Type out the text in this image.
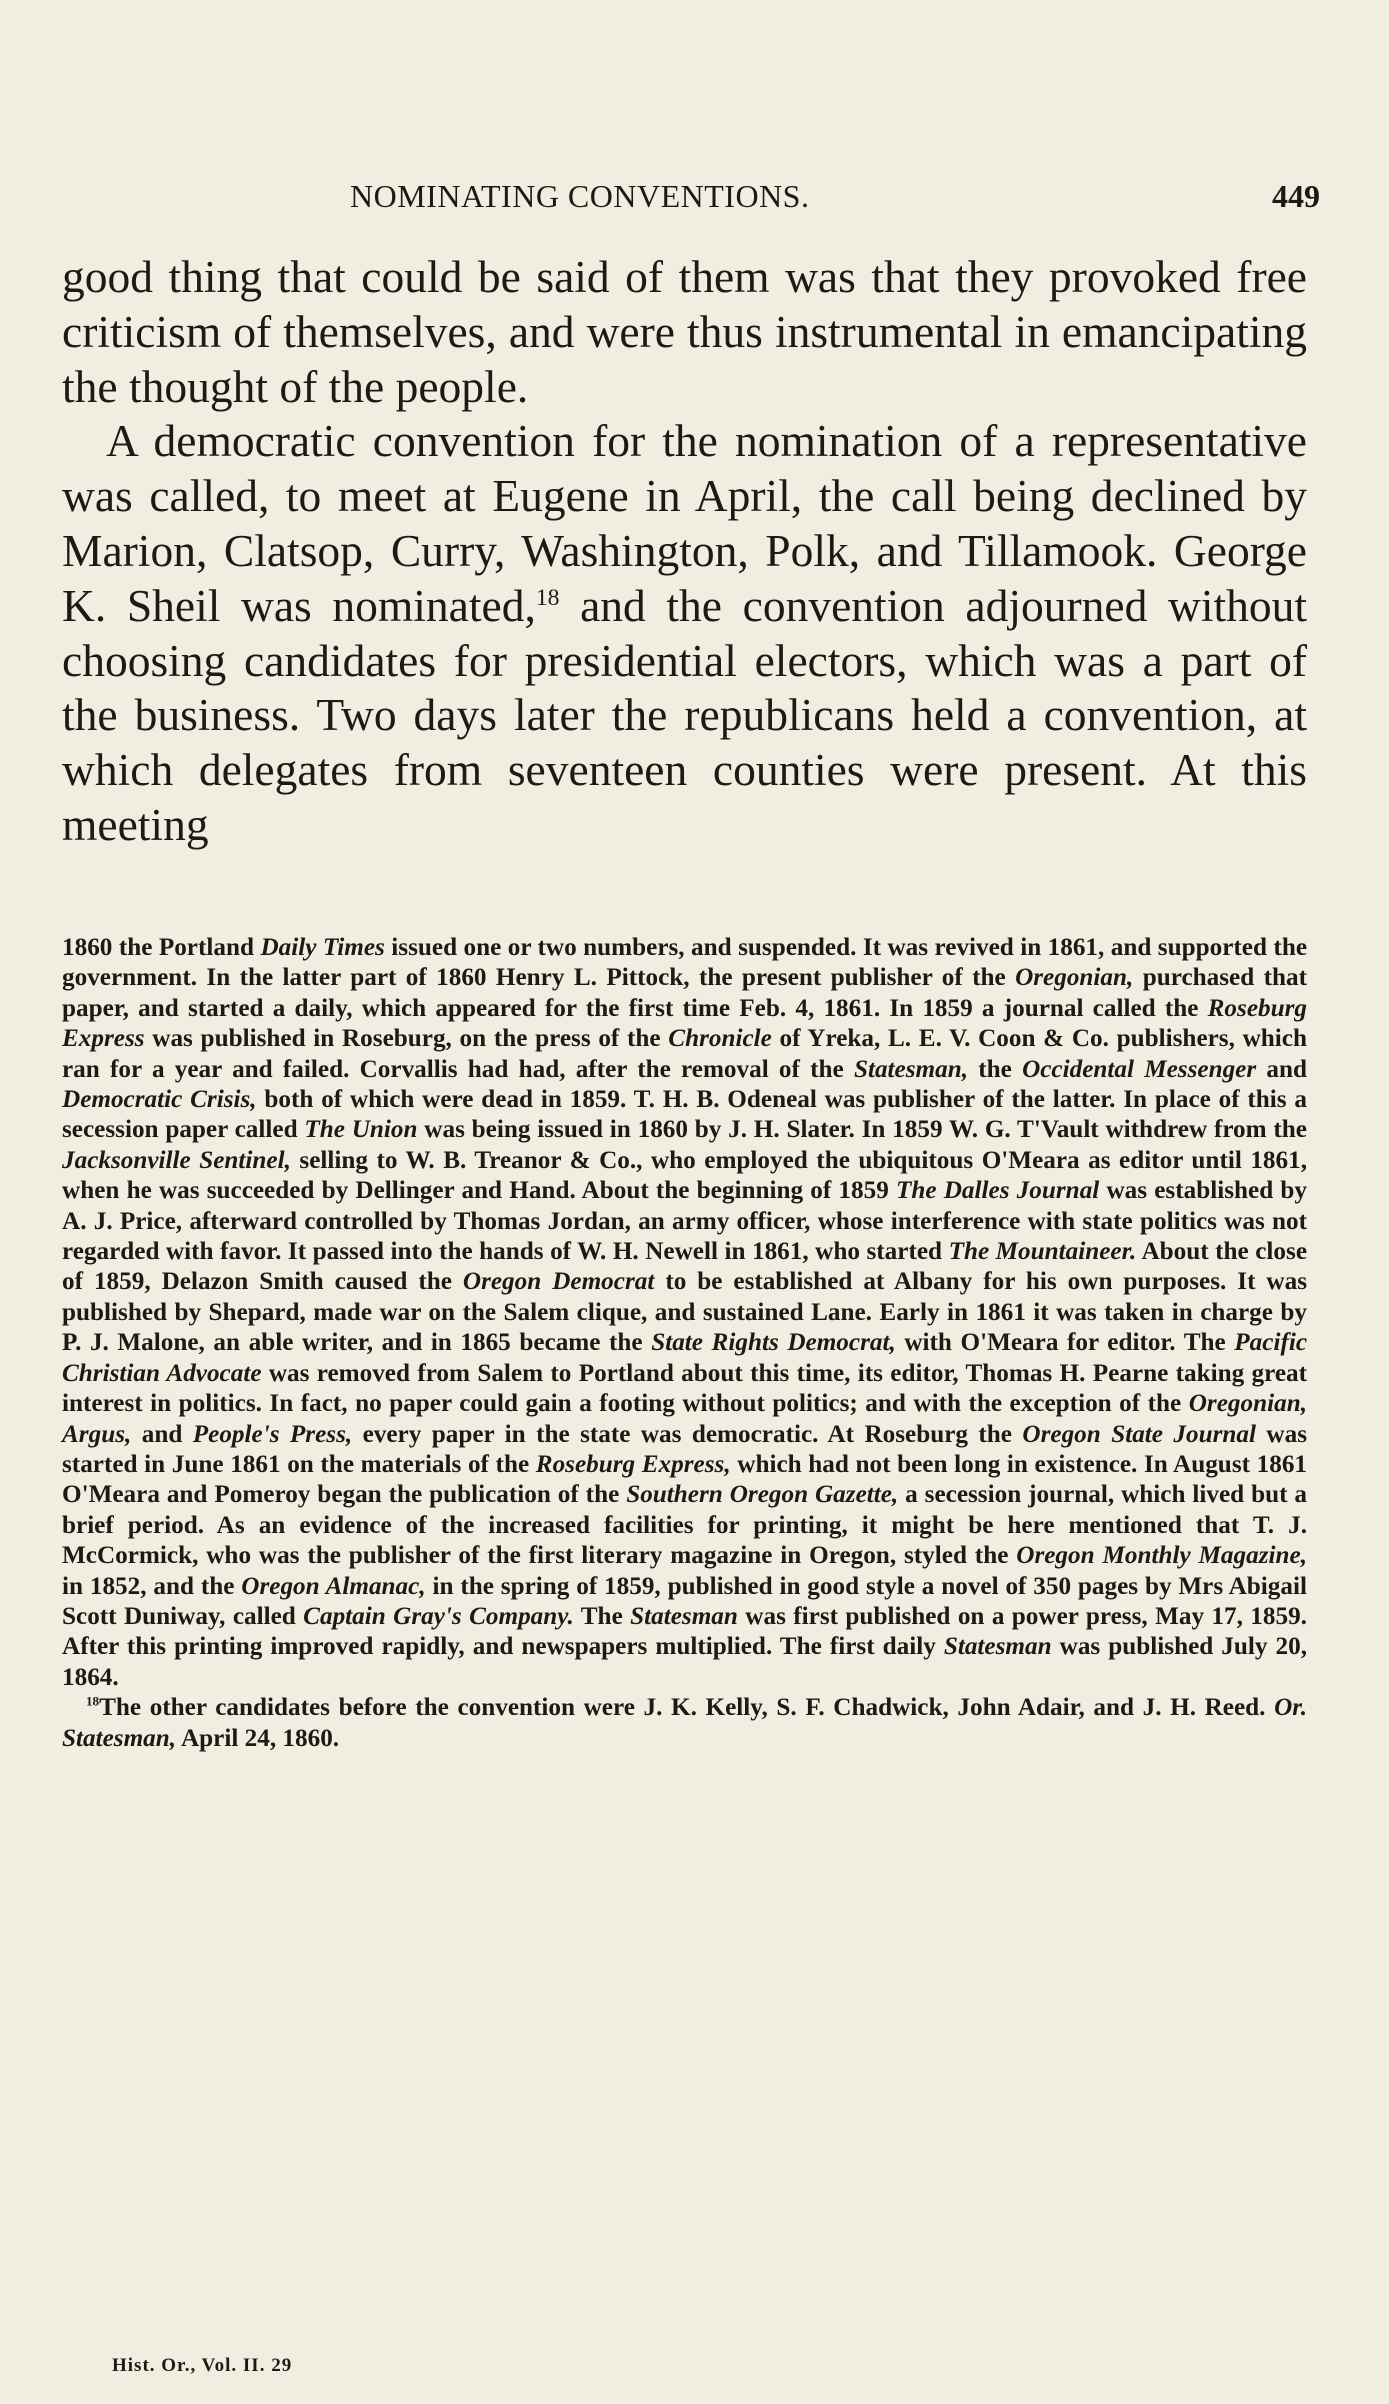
NOMINATING CONVENTIONS.	449

good thing that could be said of them was that they provoked free criticism of themselves, and were thus instrumental in emancipating the thought of the people.

A democratic convention for the nomination of a representative was called, to meet at Eugene in April, the call being declined by Marion, Clatsop, Curry, Washington, Polk, and Tillamook. George K. Sheil was nominated,$^{18}$ and the convention adjourned without choosing candidates for presidential electors, which was a part of the business. Two days later the republicans held a convention, at which delegates from seventeen counties were present. At this meeting

1860 the Portland Daily Times issued one or two numbers, and suspended. It was revived in 1861, and supported the government. In the latter part of 1860 Henry L. Pittock, the present publisher of the Oregonian, purchased that paper, and started a daily, which appeared for the first time Feb. 4, 1861. In 1859 a journal called the Roseburg Express was published in Roseburg, on the press of the Chronicle of Yreka, L. E. V. Coon & Co. publishers, which ran for a year and failed. Corvallis had had, after the removal of the Statesman, the Occidental Messenger and Democratic Crisis, both of which were dead in 1859. T. H. B. Odeneal was publisher of the latter. In place of this a secession paper called The Union was being issued in 1860 by J. H. Slater. In 1859 W. G. T'Vault withdrew from the Jacksonville Sentinel, selling to W. B. Treanor & Co., who employed the ubiquitous O'Meara as editor until 1861, when he was succeeded by Dellinger and Hand. About the beginning of 1859 The Dalles Journal was established by A. J. Price, afterward controlled by Thomas Jordan, an army officer, whose interference with state politics was not regarded with favor. It passed into the hands of W. H. Newell in 1861, who started The Mountaineer. About the close of 1859, Delazon Smith caused the Oregon Democrat to be established at Albany for his own purposes. It was published by Shepard, made war on the Salem clique, and sustained Lane. Early in 1861 it was taken in charge by P. J. Malone, an able writer, and in 1865 became the State Rights Democrat, with O'Meara for editor. The Pacific Christian Advocate was removed from Salem to Portland about this time, its editor, Thomas H. Pearne taking great interest in politics. In fact, no paper could gain a footing without politics; and with the exception of the Oregonian, Argus, and People's Press, every paper in the state was democratic. At Roseburg the Oregon State Journal was started in June 1861 on the materials of the Roseburg Express, which had not been long in existence. In August 1861 O'Meara and Pomeroy began the publication of the Southern Oregon Gazette, a secession journal, which lived but a brief period. As an evidence of the increased facilities for printing, it might be here mentioned that T. J. McCormick, who was the publisher of the first literary magazine in Oregon, styled the Oregon Monthly Magazine, in 1852, and the Oregon Almanac, in the spring of 1859, published in good style a novel of 350 pages by Mrs Abigail Scott Duniway, called Captain Gray's Company. The Statesman was first published on a power press, May 17, 1859. After this printing improved rapidly, and newspapers multiplied. The first daily Statesman was published July 20, 1864.

$^{18}$The other candidates before the convention were J. K. Kelly, S. F. Chadwick, John Adair, and J. H. Reed. Or. Statesman, April 24, 1860.

Hist. Or., Vol. II. 29
